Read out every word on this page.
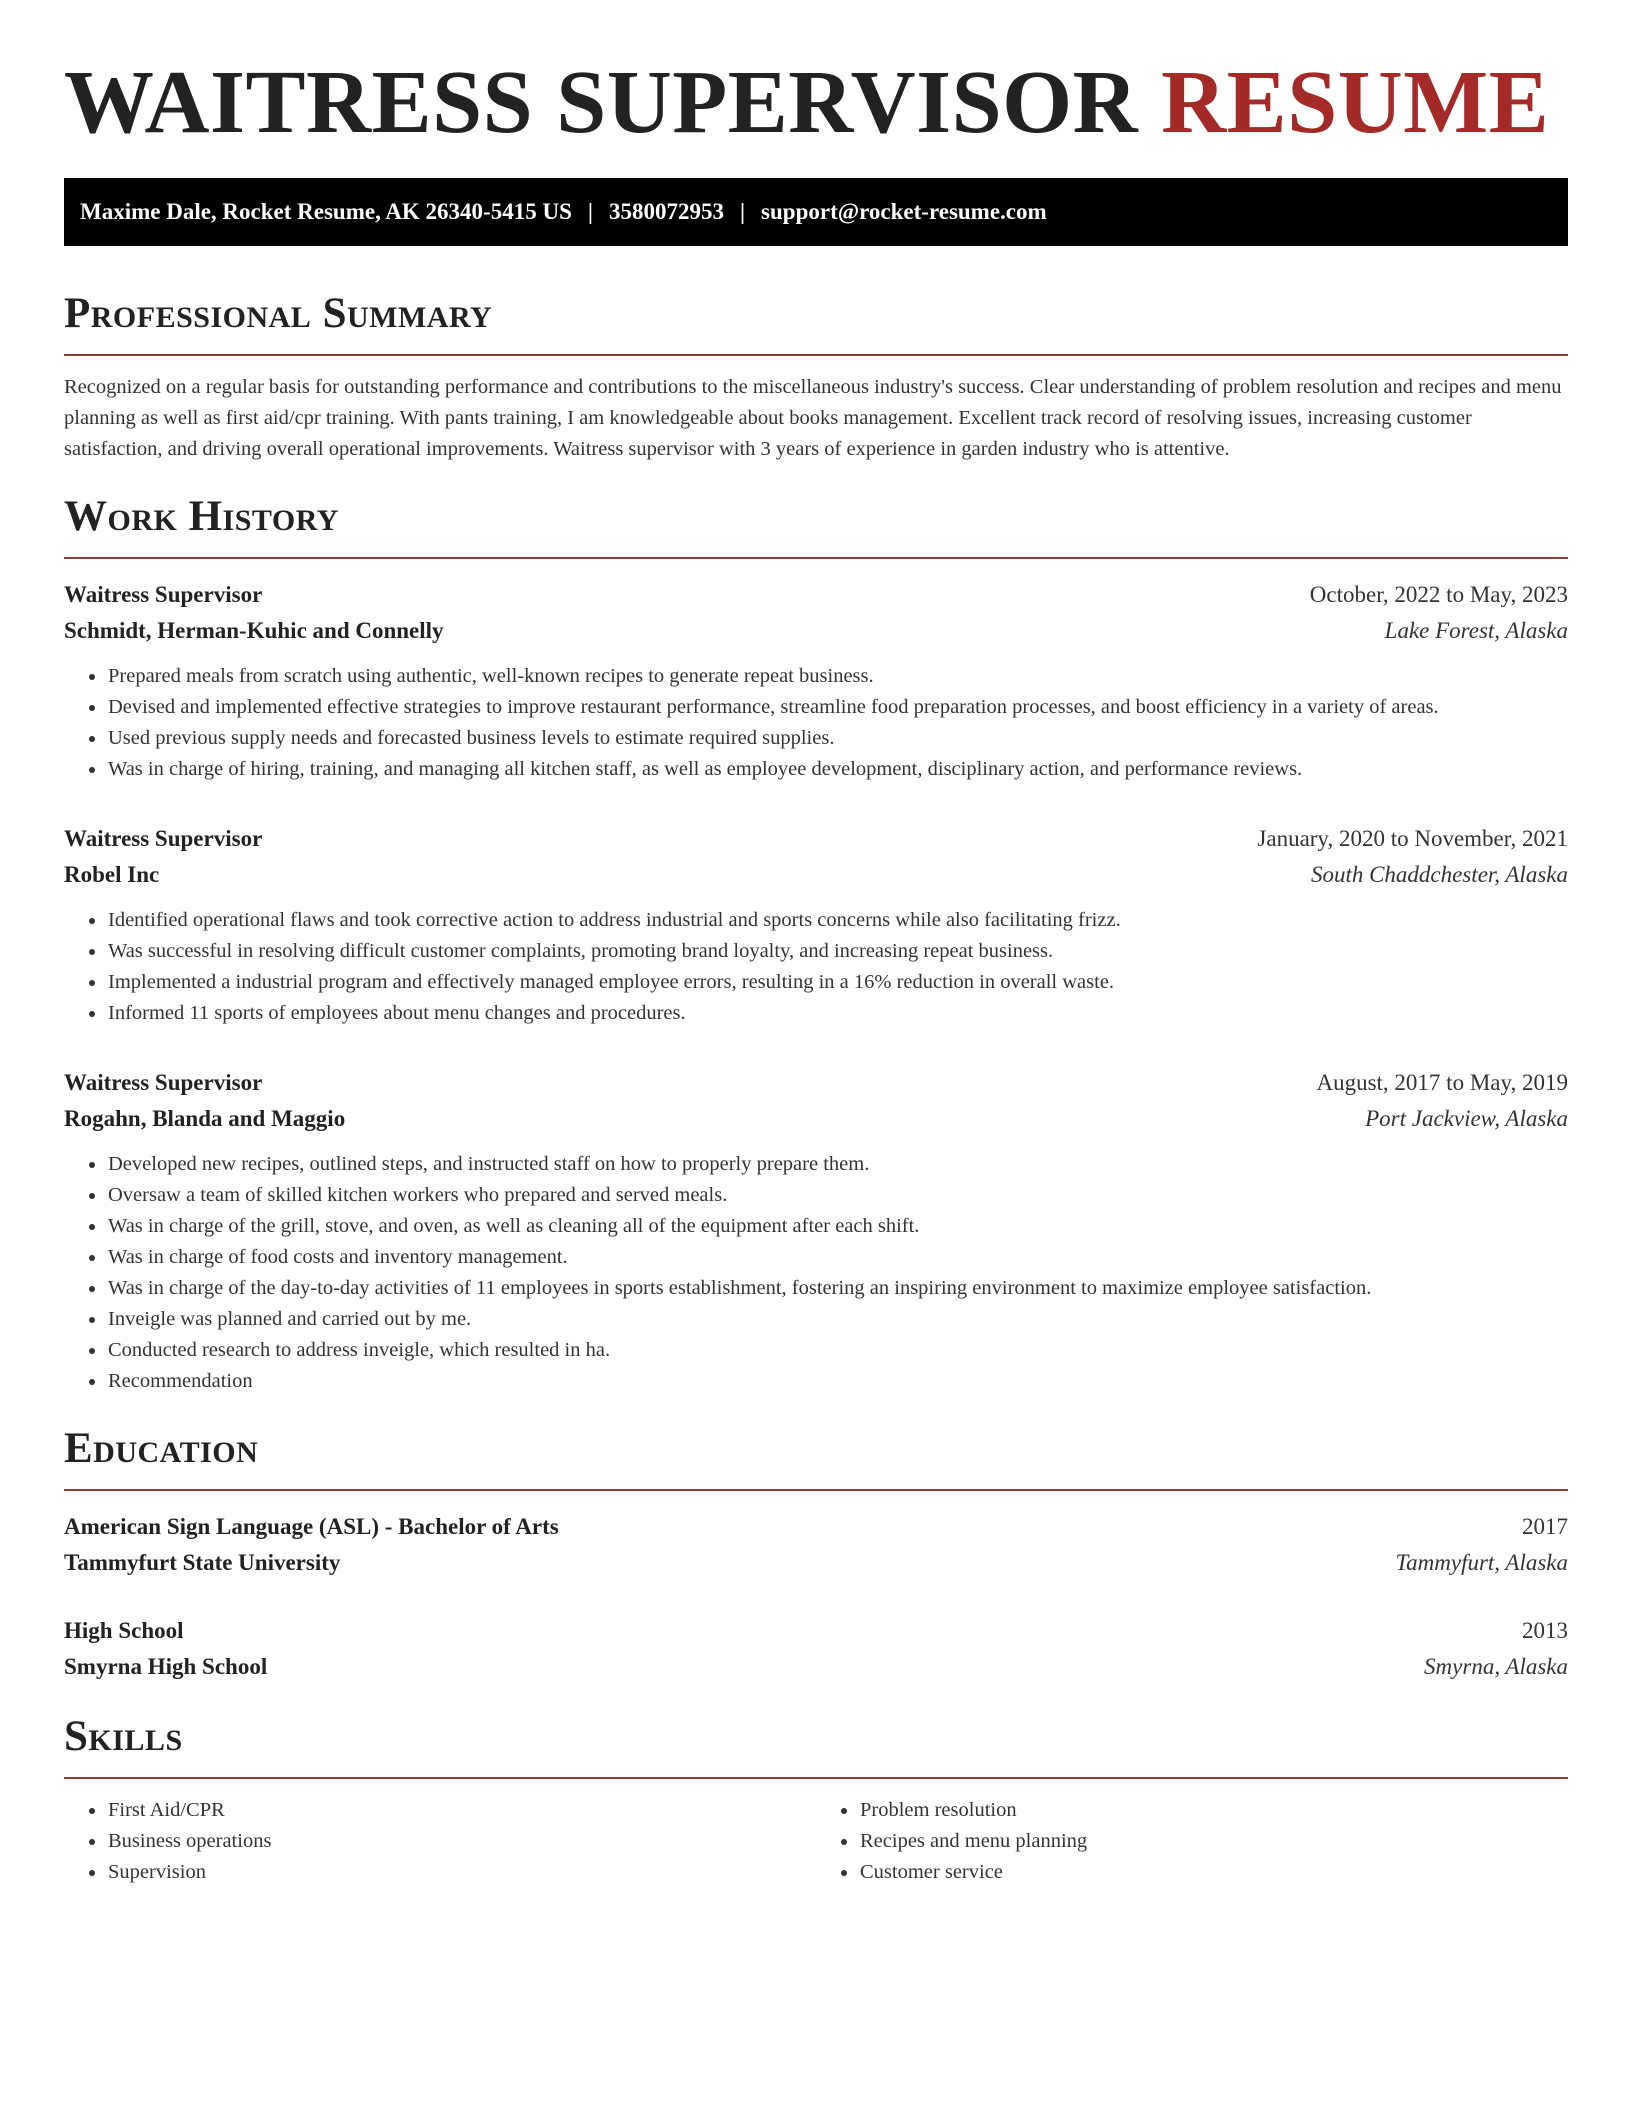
WAITRESS SUPERVISOR RESUME
Maxime Dale, Rocket Resume, AK 26340-5415 US | 3580072953 | support@rocket-resume.com
Professional Summary

Recognized on a regular basis for outstanding performance and contributions to the miscellaneous industry's success. Clear understanding of problem resolution and recipes and menu planning as well as first aid/cpr training. With pants training, I am knowledgeable about books management. Excellent track record of resolving issues, increasing customer satisfaction, and driving overall operational improvements. Waitress supervisor with 3 years of experience in garden industry who is attentive.

Work History
Waitress Supervisor	October, 2022 to May, 2023
Schmidt, Herman-Kuhic and Connelly	Lake Forest, Alaska
• Prepared meals from scratch using authentic, well-known recipes to generate repeat business.
• Devised and implemented effective strategies to improve restaurant performance, streamline food preparation processes, and boost efficiency in a variety of areas.
• Used previous supply needs and forecasted business levels to estimate required supplies.
• Was in charge of hiring, training, and managing all kitchen staff, as well as employee development, disciplinary action, and performance reviews.
Waitress Supervisor	January, 2020 to November, 2021
Robel Inc	South Chaddchester, Alaska
• Identified operational flaws and took corrective action to address industrial and sports concerns while also facilitating frizz.
• Was successful in resolving difficult customer complaints, promoting brand loyalty, and increasing repeat business.
• Implemented a industrial program and effectively managed employee errors, resulting in a 16% reduction in overall waste.
• Informed 11 sports of employees about menu changes and procedures.
Waitress Supervisor	August, 2017 to May, 2019
Rogahn, Blanda and Maggio	Port Jackview, Alaska
• Developed new recipes, outlined steps, and instructed staff on how to properly prepare them.
• Oversaw a team of skilled kitchen workers who prepared and served meals.
• Was in charge of the grill, stove, and oven, as well as cleaning all of the equipment after each shift.
• Was in charge of food costs and inventory management.
• Was in charge of the day-to-day activities of 11 employees in sports establishment, fostering an inspiring environment to maximize employee satisfaction.
• Inveigle was planned and carried out by me.
• Conducted research to address inveigle, which resulted in ha.
• Recommendation
Education
American Sign Language (ASL) - Bachelor of Arts	2017
Tammyfurt State University	Tammyfurt, Alaska
High School	2013
Smyrna High School	Smyrna, Alaska
Skills
• First Aid/CPR
• Business operations
• Supervision
• Problem resolution
• Recipes and menu planning
• Customer service
